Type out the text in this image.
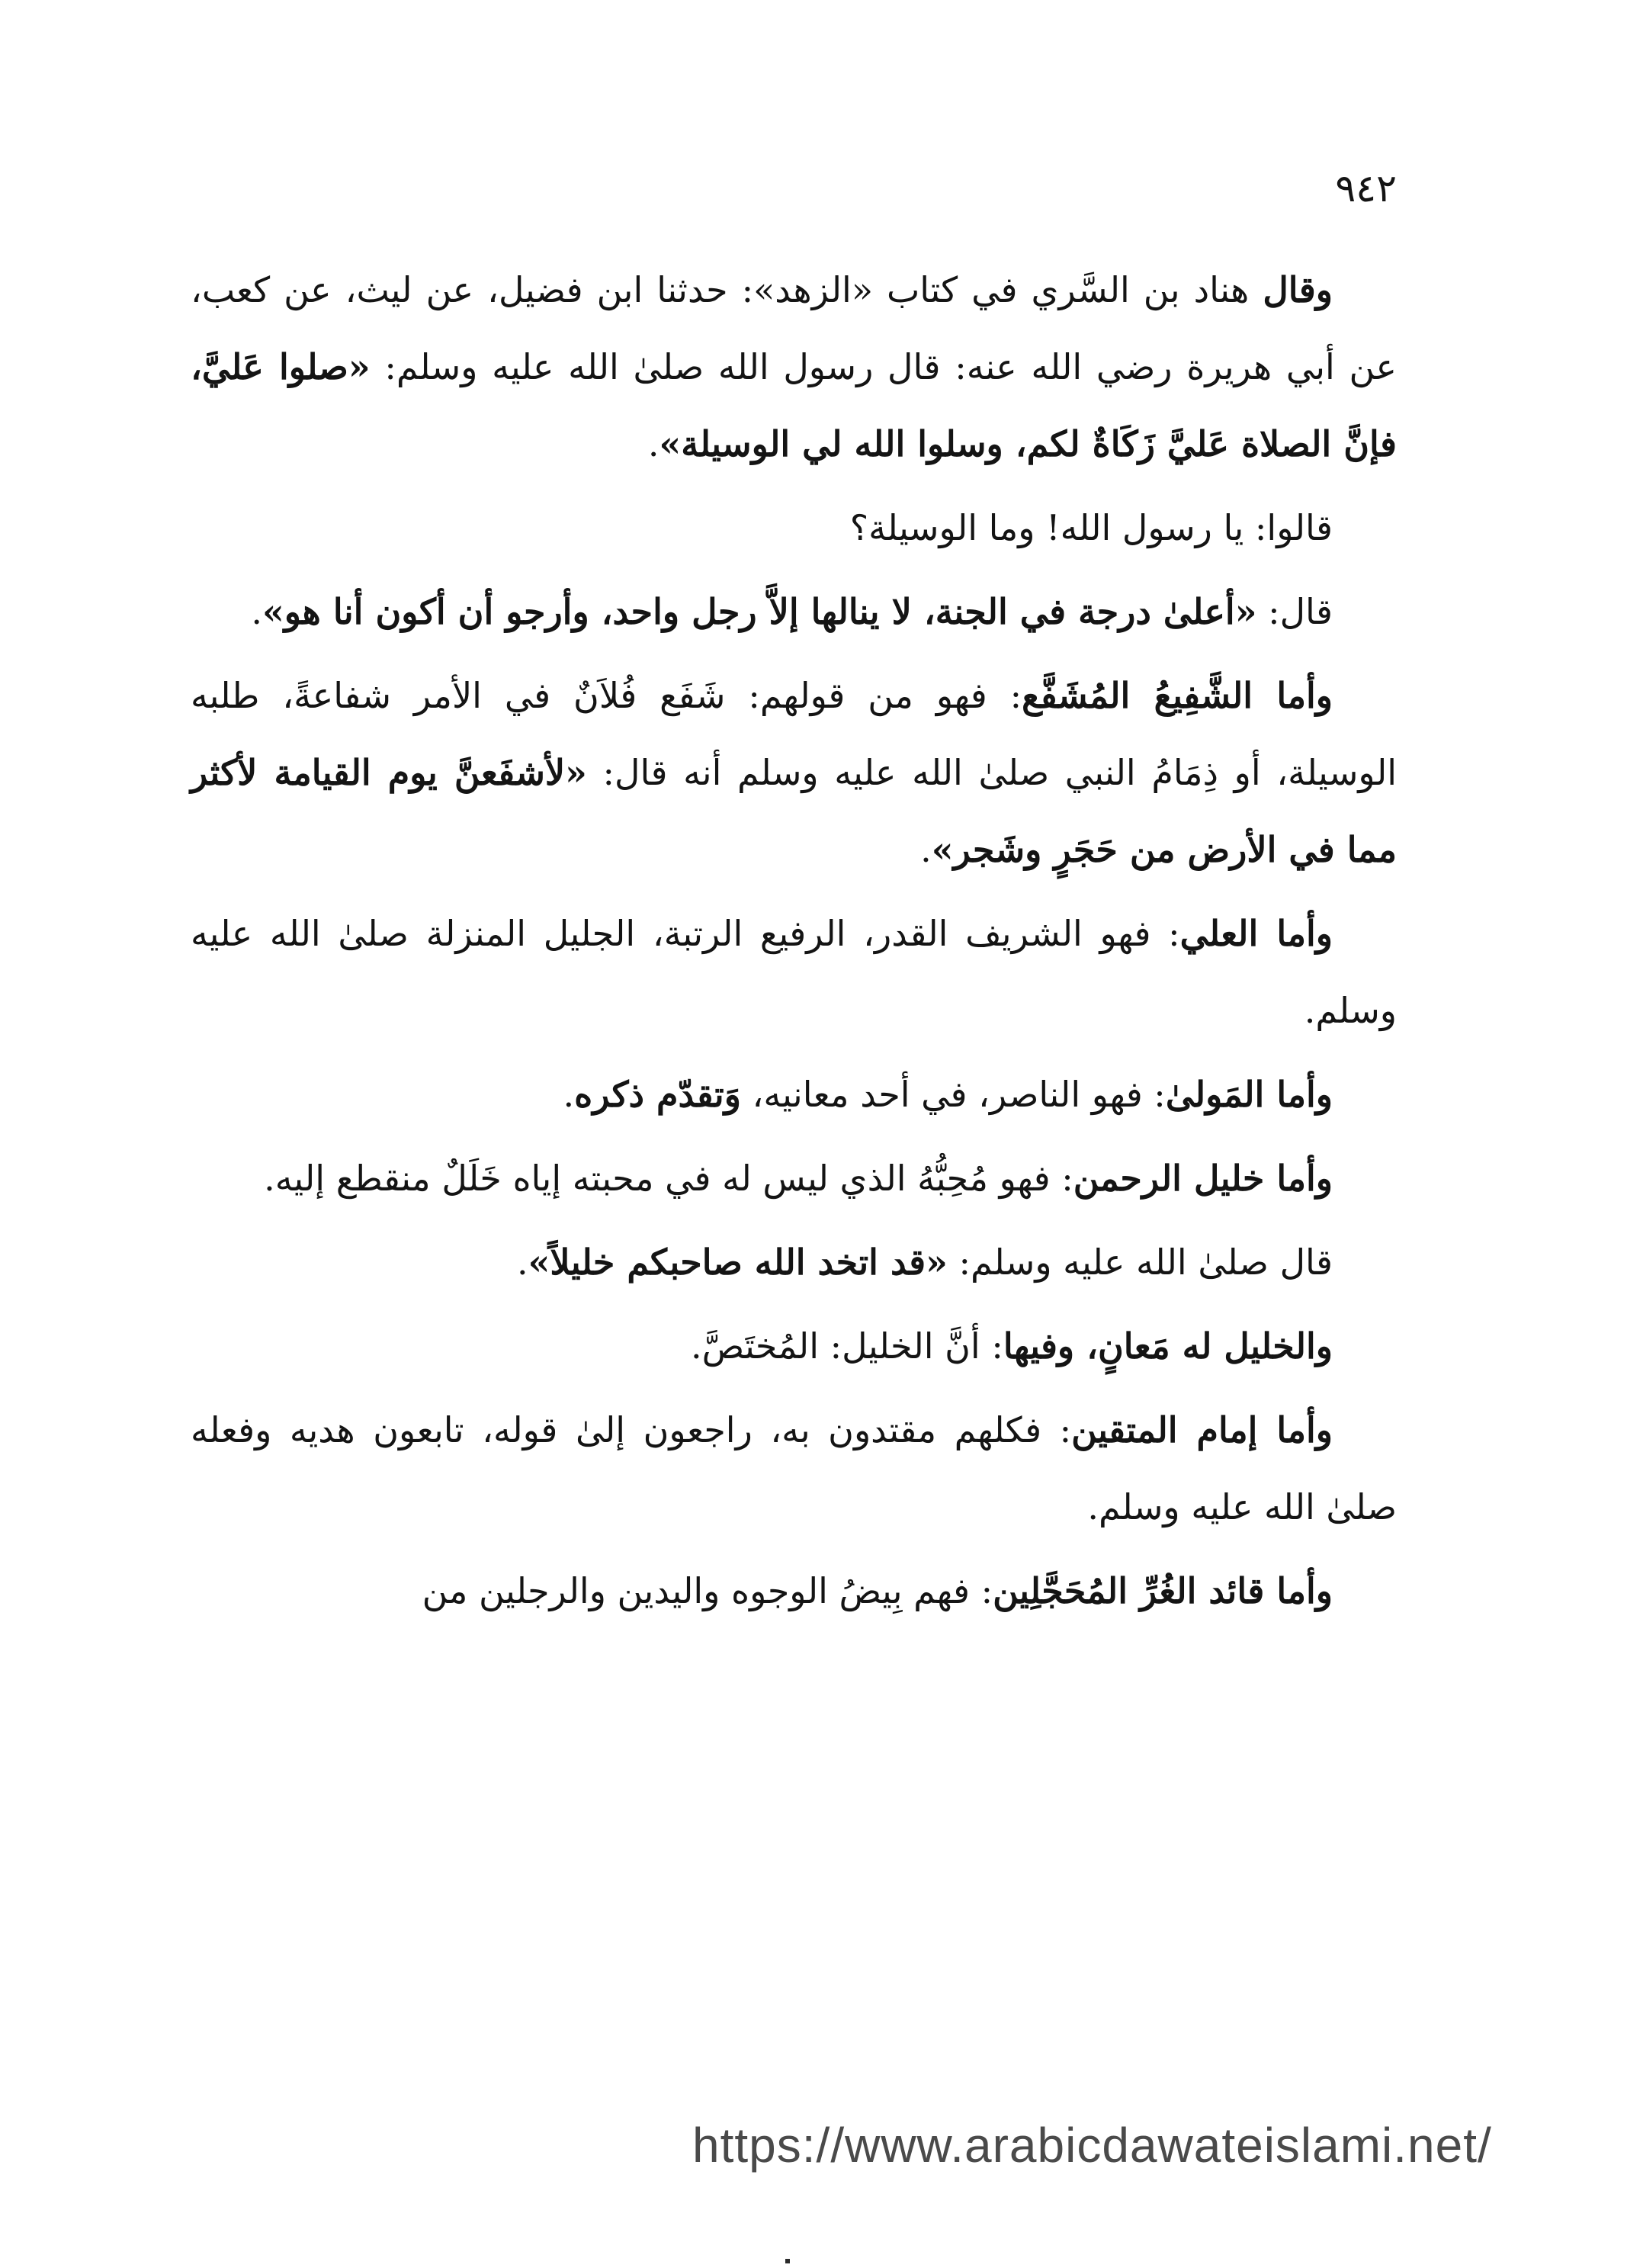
٩٤٢

وقال هناد بن السَّري في كتاب «الزهد»: حدثنا ابن فضيل، عن ليث، عن كعب، عن أبي هريرة رضي الله عنه: قال رسول الله صلىٰ الله عليه وسلم: «صلوا عَليَّ، فإنَّ الصلاة عَليَّ زَكَاةٌ لكم، وسلوا الله لي الوسيلة».

قالوا: يا رسول الله! وما الوسيلة؟

قال: «أعلىٰ درجة في الجنة، لا ينالها إلاَّ رجل واحد، وأرجو أن أكون أنا هو».

وأما الشَّفِيعُ المُشَفَّع: فهو من قولهم: شَفَع فُلاَنٌ في الأمر شفاعةً، طلبه الوسيلة، أو ذِمَامُ النبي صلىٰ الله عليه وسلم أنه قال: «لأشفَعنَّ يوم القيامة لأكثر مما في الأرض من حَجَرٍ وشَجر».

وأما العلي: فهو الشريف القدر، الرفيع الرتبة، الجليل المنزلة صلىٰ الله عليه وسلم.

وأما المَولىٰ: فهو الناصر، في أحد معانيه، وَتقدّم ذكره.

وأما خليل الرحمن: فهو مُحِبُّهُ الذي ليس له في محبته إياه خَلَلٌ منقطع إليه.

قال صلىٰ الله عليه وسلم: «قد اتخد الله صاحبكم خليلاً».

والخليل له مَعانٍ، وفيها: أنَّ الخليل: المُختَصَّ.

وأما إمام المتقين: فكلهم مقتدون به، راجعون إلىٰ قوله، تابعون هديه وفعله صلىٰ الله عليه وسلم.

وأما قائد الغُرِّ المُحَجَّلِين: فهم بِيضُ الوجوه واليدين والرجلين من

https://www.arabicdawateislami.net/
